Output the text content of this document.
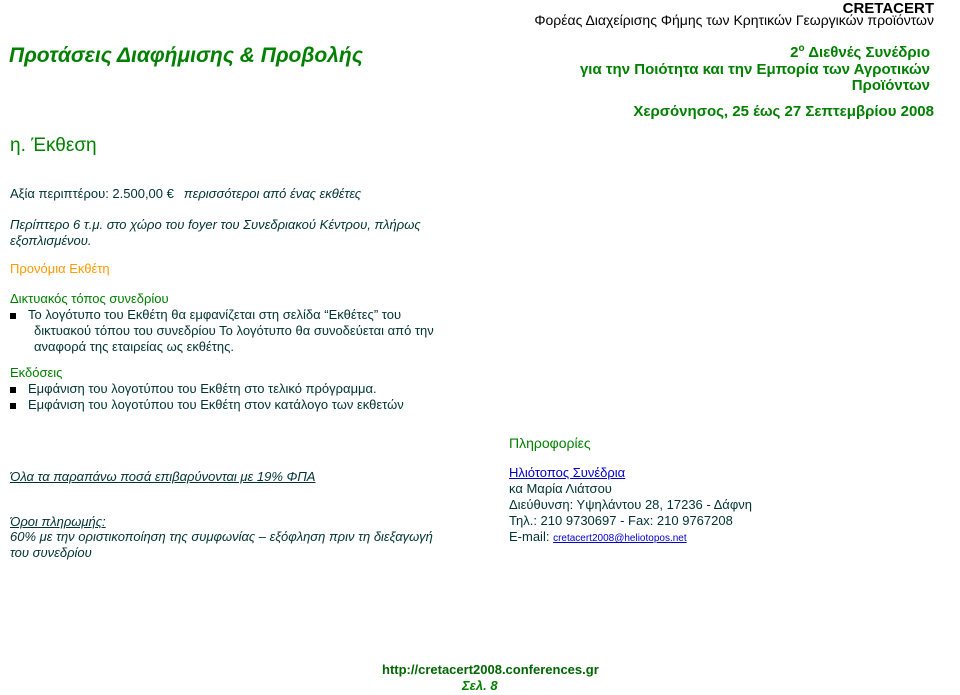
Προτάσεις Διαφήμισης & Προβολής
CRETACERT
Φορέας Διαχείρισης Φήμης των Κρητικών Γεωργικών προϊόντων
$2^o$ Διεθνές Συνέδριο
για την Ποιότητα και την Εμπορία των Αγροτικών
Προϊόντων
Χερσόνησος, 25 έως 27 Σεπτεμβρίου 2008
η. Έκθεση
Αξία περιπτέρου: 2.500,00 € περισσότεροι από ένας εκθέτες
Περίπτερο 6 τ.μ. στο χώρο του foyer του Συνεδριακού Κέντρου, πλήρως
εξοπλισμένου.
Προνόμια Εκθέτη
Δικτυακός τόπος συνεδρίου
Το λογότυπο του Εκθέτη θα εμφανίζεται στη σελίδα “Εκθέτες” του
δικτυακού τόπου του συνεδρίου Το λογότυπο θα συνοδεύεται από την
αναφορά της εταιρείας ως εκθέτης.
Εκδόσεις
Εμφάνιση του λογοτύπου του Εκθέτη στο τελικό πρόγραμμα.
Εμφάνιση του λογοτύπου του Εκθέτη στον κατάλογο των εκθετών
Όλα τα παραπάνω ποσά επιβαρύνονται με 19% ΦΠΑ
Όροι πληρωμής:
60% με την οριστικοποίηση της συμφωνίας – εξόφληση πριν τη διεξαγωγή
του συνεδρίου
Πληροφορίες
Ηλιότοπος Συνέδρια
κα Μαρία Λιάτσου
Διεύθυνση: Υψηλάντου 28, 17236 - Δάφνη
Τηλ.: 210 9730697 - Fax: 210 9767208
E-mail: cretacert2008@heliotopos.net
http://cretacert2008.conferences.gr
Σελ. 8
